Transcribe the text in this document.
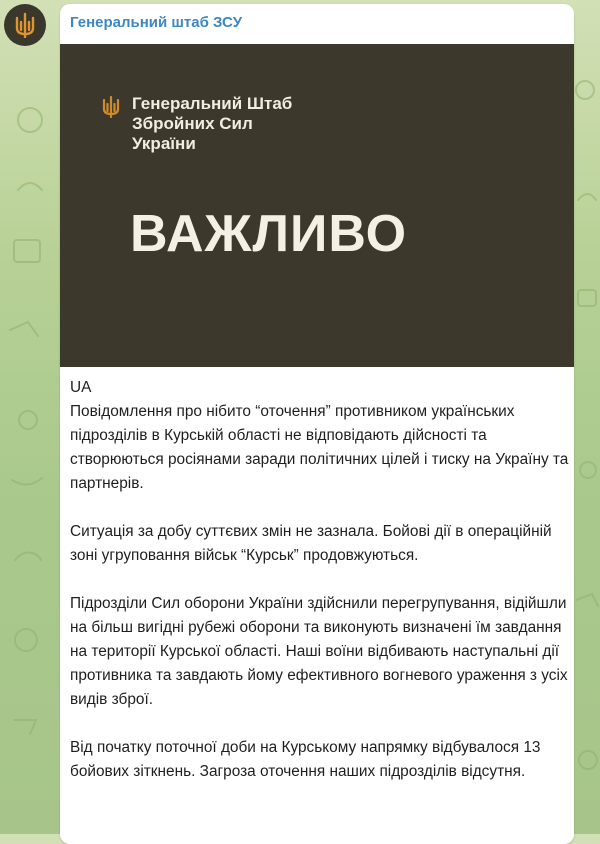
Генеральний штаб ЗСУ
Генеральний Штаб
Збройних Сил
України
ВАЖЛИВО
UA

Повідомлення про нібито “оточення” противником українських підрозділів в Курській області не відповідають дійсності та створюються росіянами заради політичних цілей і тиску на Україну та партнерів.

Ситуація за добу суттєвих змін не зазнала. Бойові дії в операційній зоні угруповання військ “Курськ” продовжуються.

Підрозділи Сил оборони України здійснили перегрупування, відійшли на більш вигідні рубежі оборони та виконують визначені їм завдання на території Курської області. Наші воїни відбивають наступальні дії противника та завдають йому ефективного вогневого ураження з усіх видів зброї.

Від початку поточної доби на Курському напрямку відбувалося 13 бойових зіткнень. Загроза оточення наших підрозділів відсутня.
